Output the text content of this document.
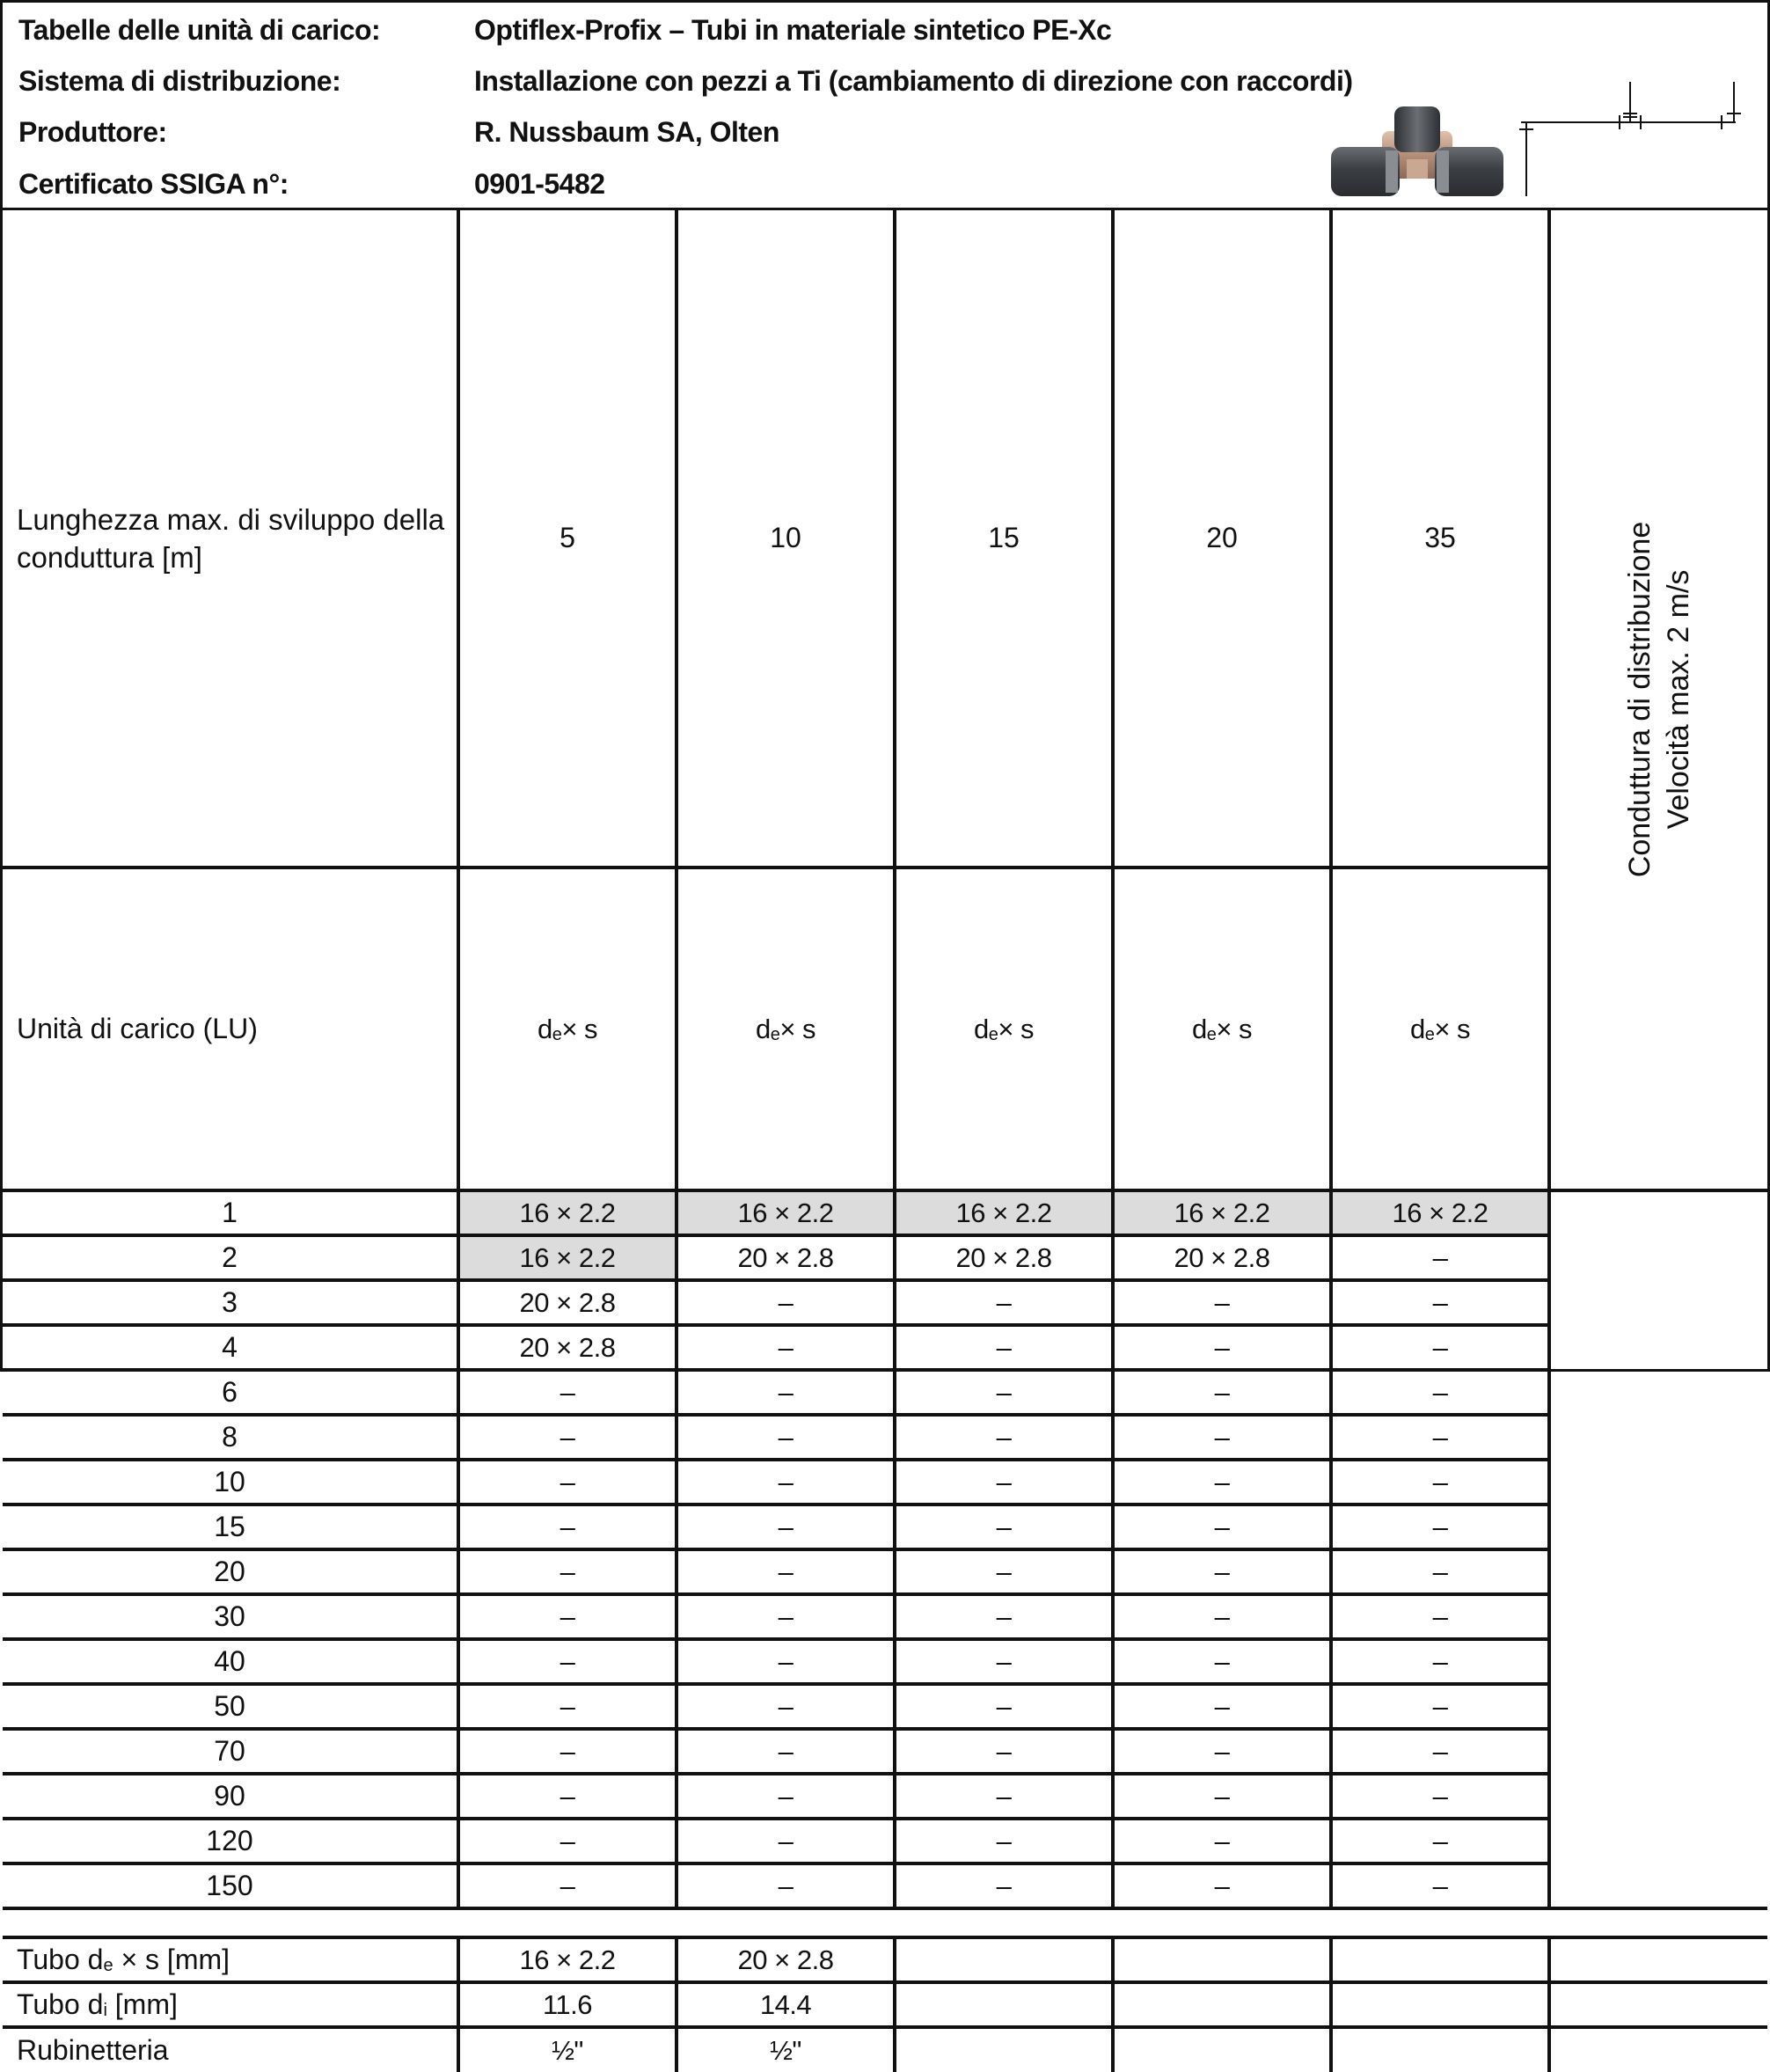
Tabelle delle unità di carico:	Optiflex-Profix – Tubi in materiale sintetico PE-Xc
Sistema di distribuzione:	Installazione con pezzi a Ti (cambiamento di direzione con raccordi)
Produttore:	R. Nussbaum SA, Olten
Certificato SSIGA n°:	0901-5482
Lunghezza max. di sviluppo della conduttura [m]	5	10	15	20	35	Conduttura di distribuzione Velocità max. 2 m/s

Unità di carico (LU)	de× s	de× s	de× s	de× s	de× s	
1	16 × 2.2	16 × 2.2	16 × 2.2	16 × 2.2	16 × 2.2	
2	16 × 2.2	20 × 2.8	20 × 2.8	20 × 2.8	–	
3	20 × 2.8	–	–	–	–	
4	20 × 2.8	–	–	–	–	
6	–	–	–	–	–	
8	–	–	–	–	–	
10	–	–	–	–	–	
15	–	–	–	–	–	
20	–	–	–	–	–	
30	–	–	–	–	–	
40	–	–	–	–	–	
50	–	–	–	–	–	
70	–	–	–	–	–	
90	–	–	–	–	–	
120	–	–	–	–	–	
150	–	–	–	–	–	

Tubo de × s [mm]	16 × 2.2	20 × 2.8				
Tubo di [mm]	11.6	14.4				
Rubinetteria	½"	½"				
